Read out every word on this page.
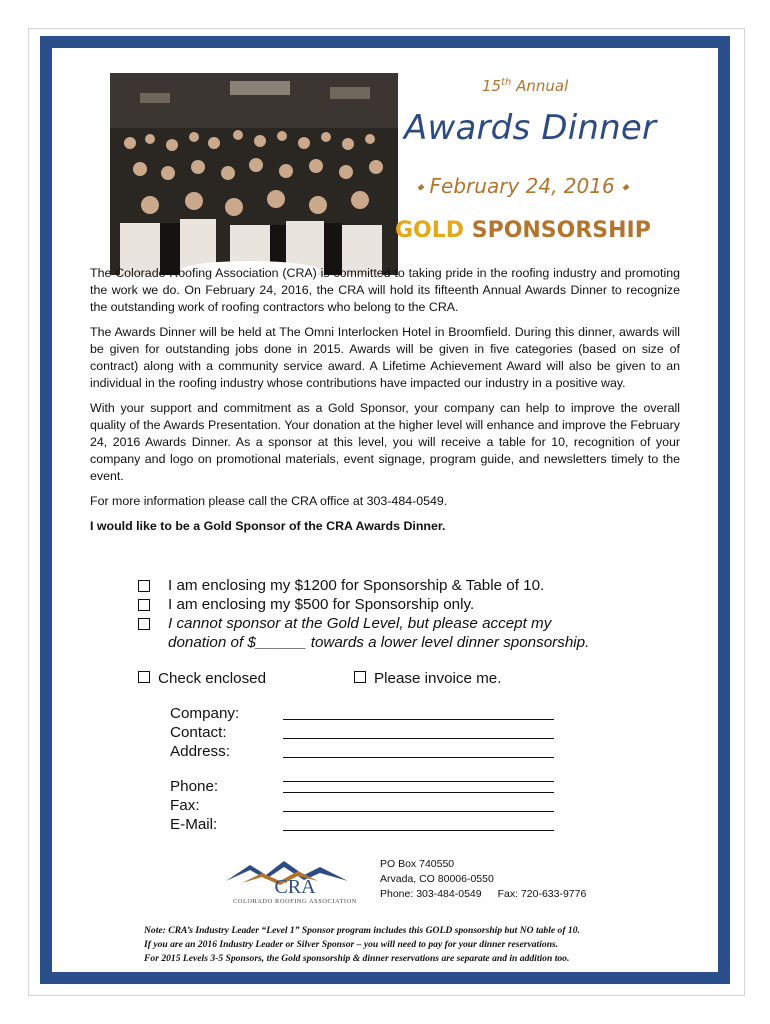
15th Annual
Awards Dinner
⬩ February 24, 2016 ⬩
GOLD SPONSORSHIP

The Colorado Roofing Association (CRA) is committed to taking pride in the roofing industry and promoting the work we do. On February 24, 2016, the CRA will hold its fifteenth Annual Awards Dinner to recognize the outstanding work of roofing contractors who belong to the CRA.

The Awards Dinner will be held at The Omni Interlocken Hotel in Broomfield. During this dinner, awards will be given for outstanding jobs done in 2015. Awards will be given in five categories (based on size of contract) along with a community service award. A Lifetime Achievement Award will also be given to an individual in the roofing industry whose contributions have impacted our industry in a positive way.

With your support and commitment as a Gold Sponsor, your company can help to improve the overall quality of the Awards Presentation. Your donation at the higher level will enhance and improve the February 24, 2016 Awards Dinner. As a sponsor at this level, you will receive a table for 10, recognition of your company and logo on promotional materials, event signage, program guide, and newsletters timely to the event.

For more information please call the CRA office at 303-484-0549.

I would like to be a Gold Sponsor of the CRA Awards Dinner.

I am enclosing my $1200 for Sponsorship & Table of 10.
I am enclosing my $500 for Sponsorship only.
I cannot sponsor at the Gold Level, but please accept my
donation of $______ towards a lower level dinner sponsorship.
Check enclosed	Please invoice me.
Company:
Contact:
Address:
Phone:
Fax:
E-Mail:
CRA
COLORADO ROOFING ASSOCIATION
PO Box 740550
Arvada, CO 80006-0550
Phone: 303-484-0549 Fax: 720-633-9776
Note: CRA’s Industry Leader “Level 1” Sponsor program includes this GOLD sponsorship but NO table of 10.
If you are an 2016 Industry Leader or Silver Sponsor – you will need to pay for your dinner reservations.
For 2015 Levels 3-5 Sponsors, the Gold sponsorship & dinner reservations are separate and in addition too.
